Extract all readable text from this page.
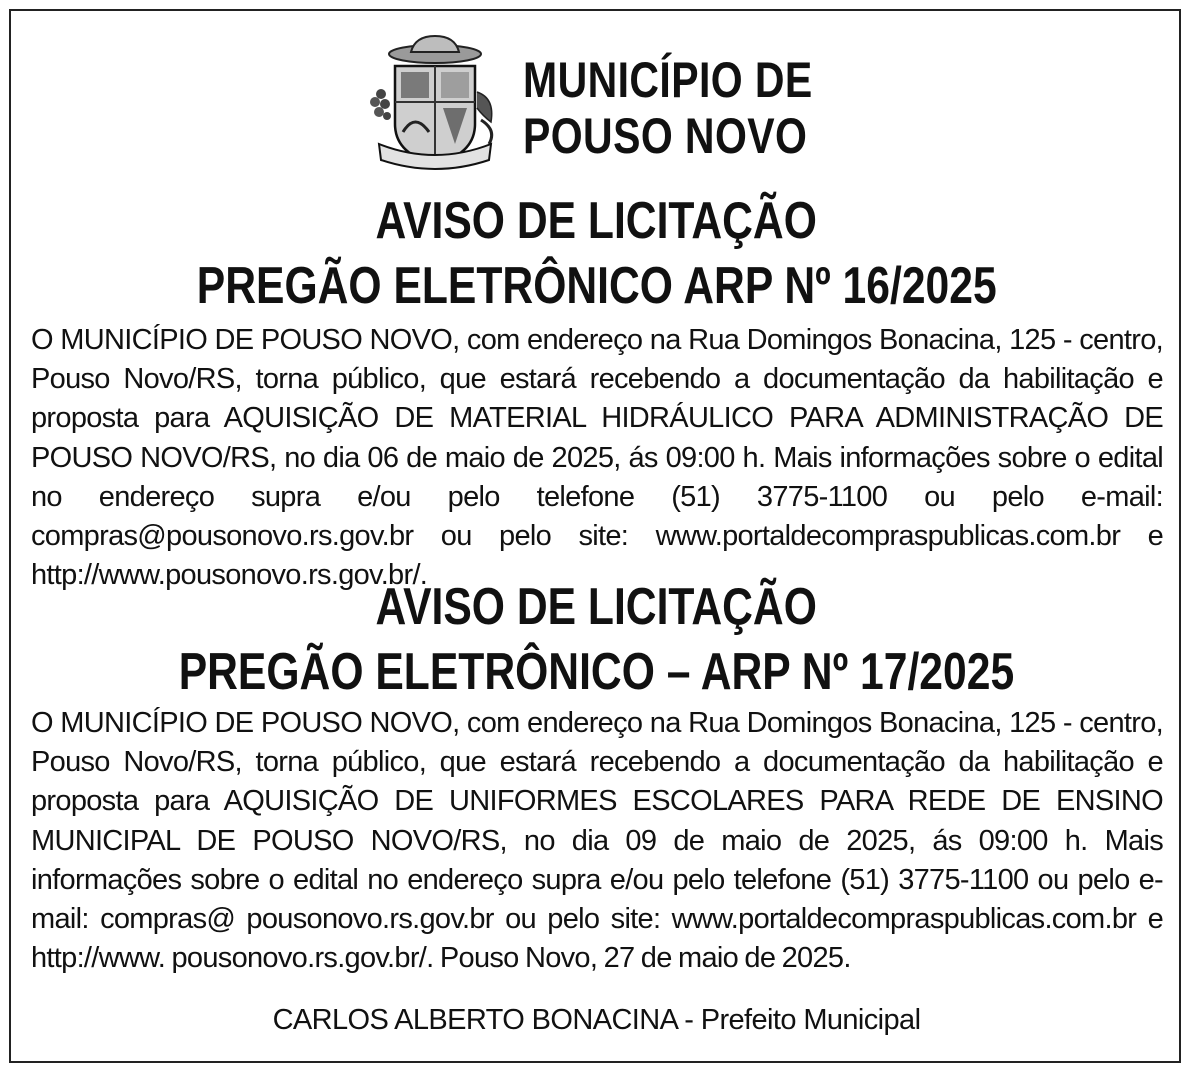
MUNICÍPIO DE
POUSO NOVO
AVISO DE LICITAÇÃO
PREGÃO ELETRÔNICO ARP Nº 16/2025
O MUNICÍPIO DE POUSO NOVO, com endereço na Rua Domingos Bonacina, 125 - centro, Pouso Novo/RS, torna público, que estará recebendo a documentação da habilitação e proposta para AQUISIÇÃO DE MATERIAL HIDRÁULICO PARA ADMINISTRAÇÃO DE POUSO NOVO/RS, no dia 06 de maio de 2025, ás 09:00 h. Mais informações sobre o edital no endereço supra e/ou pelo telefone (51) 3775-1100 ou pelo e-mail: compras@pousonovo.rs.gov.br ou pelo site: www.portaldecompraspublicas.com.br e http://www.pousonovo.rs.gov.br/.
AVISO DE LICITAÇÃO
PREGÃO ELETRÔNICO – ARP Nº 17/2025
O MUNICÍPIO DE POUSO NOVO, com endereço na Rua Domingos Bonacina, 125 - centro, Pouso Novo/RS, torna público, que estará recebendo a documentação da habilitação e proposta para AQUISIÇÃO DE UNIFORMES ESCOLARES PARA REDE DE ENSINO MUNICIPAL DE POUSO NOVO/RS, no dia 09 de maio de 2025, ás 09:00 h. Mais informações sobre o edital no endereço supra e/ou pelo telefone (51) 3775-1100 ou pelo e-mail: compras@ pousonovo.rs.gov.br ou pelo site: www.portaldecompraspublicas.com.br e http://www. pousonovo.rs.gov.br/. Pouso Novo, 27 de maio de 2025.
CARLOS ALBERTO BONACINA - Prefeito Municipal
